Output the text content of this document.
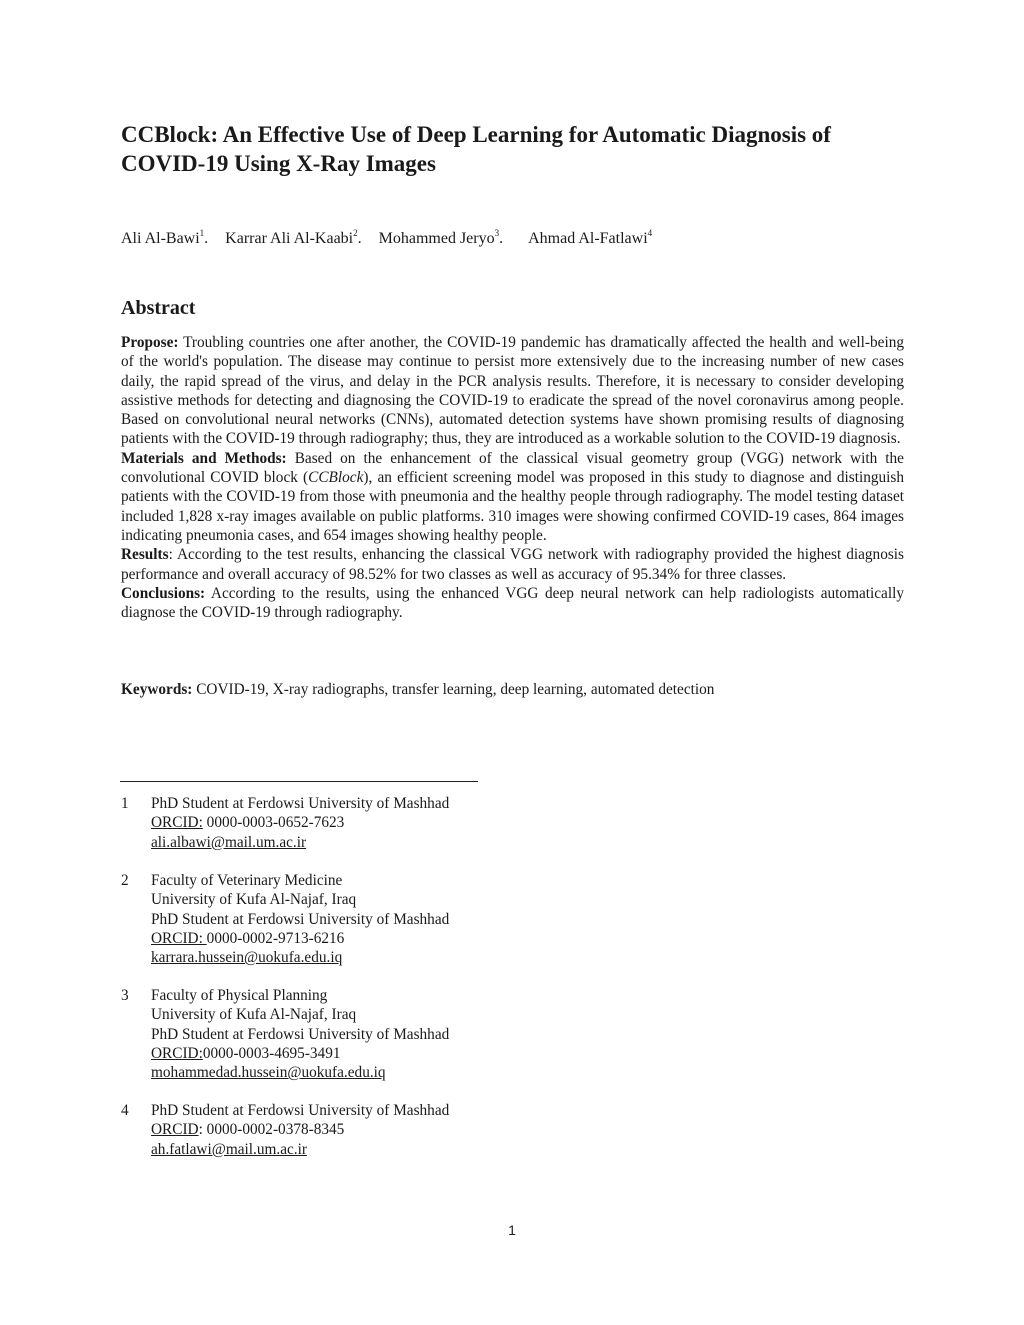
CCBlock: An Effective Use of Deep Learning for Automatic Diagnosis of COVID-19 Using X-Ray Images
Ali Al-Bawi$^1$. Karrar Ali Al-Kaabi$^2$. Mohammed Jeryo$^3$. Ahmad Al-Fatlawi$^4$
Abstract

Propose: Troubling countries one after another, the COVID-19 pandemic has dramatically affected the health and well-being of the world's population. The disease may continue to persist more extensively due to the increasing number of new cases daily, the rapid spread of the virus, and delay in the PCR analysis results. Therefore, it is necessary to consider developing assistive methods for detecting and diagnosing the COVID-19 to eradicate the spread of the novel coronavirus among people. Based on convolutional neural networks (CNNs), automated detection systems have shown promising results of diagnosing patients with the COVID-19 through radiography; thus, they are introduced as a workable solution to the COVID-19 diagnosis.

Materials and Methods: Based on the enhancement of the classical visual geometry group (VGG) network with the convolutional COVID block (CCBlock), an efficient screening model was proposed in this study to diagnose and distinguish patients with the COVID-19 from those with pneumonia and the healthy people through radiography. The model testing dataset included 1,828 x-ray images available on public platforms. 310 images were showing confirmed COVID-19 cases, 864 images indicating pneumonia cases, and 654 images showing healthy people.

Results: According to the test results, enhancing the classical VGG network with radiography provided the highest diagnosis performance and overall accuracy of 98.52% for two classes as well as accuracy of 95.34% for three classes.

Conclusions: According to the results, using the enhanced VGG deep neural network can help radiologists automatically diagnose the COVID-19 through radiography.

Keywords: COVID-19, X-ray radiographs, transfer learning, deep learning, automated detection

1	PhD Student at Ferdowsi University of Mashhad
ORCID: 0000-0003-0652-7623
ali.albawi@mail.um.ac.ir
2	Faculty of Veterinary Medicine
University of Kufa Al-Najaf, Iraq
PhD Student at Ferdowsi University of Mashhad
ORCID: 0000-0002-9713-6216
karrara.hussein@uokufa.edu.iq
3	Faculty of Physical Planning
University of Kufa Al-Najaf, Iraq
PhD Student at Ferdowsi University of Mashhad
ORCID:0000-0003-4695-3491
mohammedad.hussein@uokufa.edu.iq
4	PhD Student at Ferdowsi University of Mashhad
ORCID: 0000-0002-0378-8345
ah.fatlawi@mail.um.ac.ir
1
